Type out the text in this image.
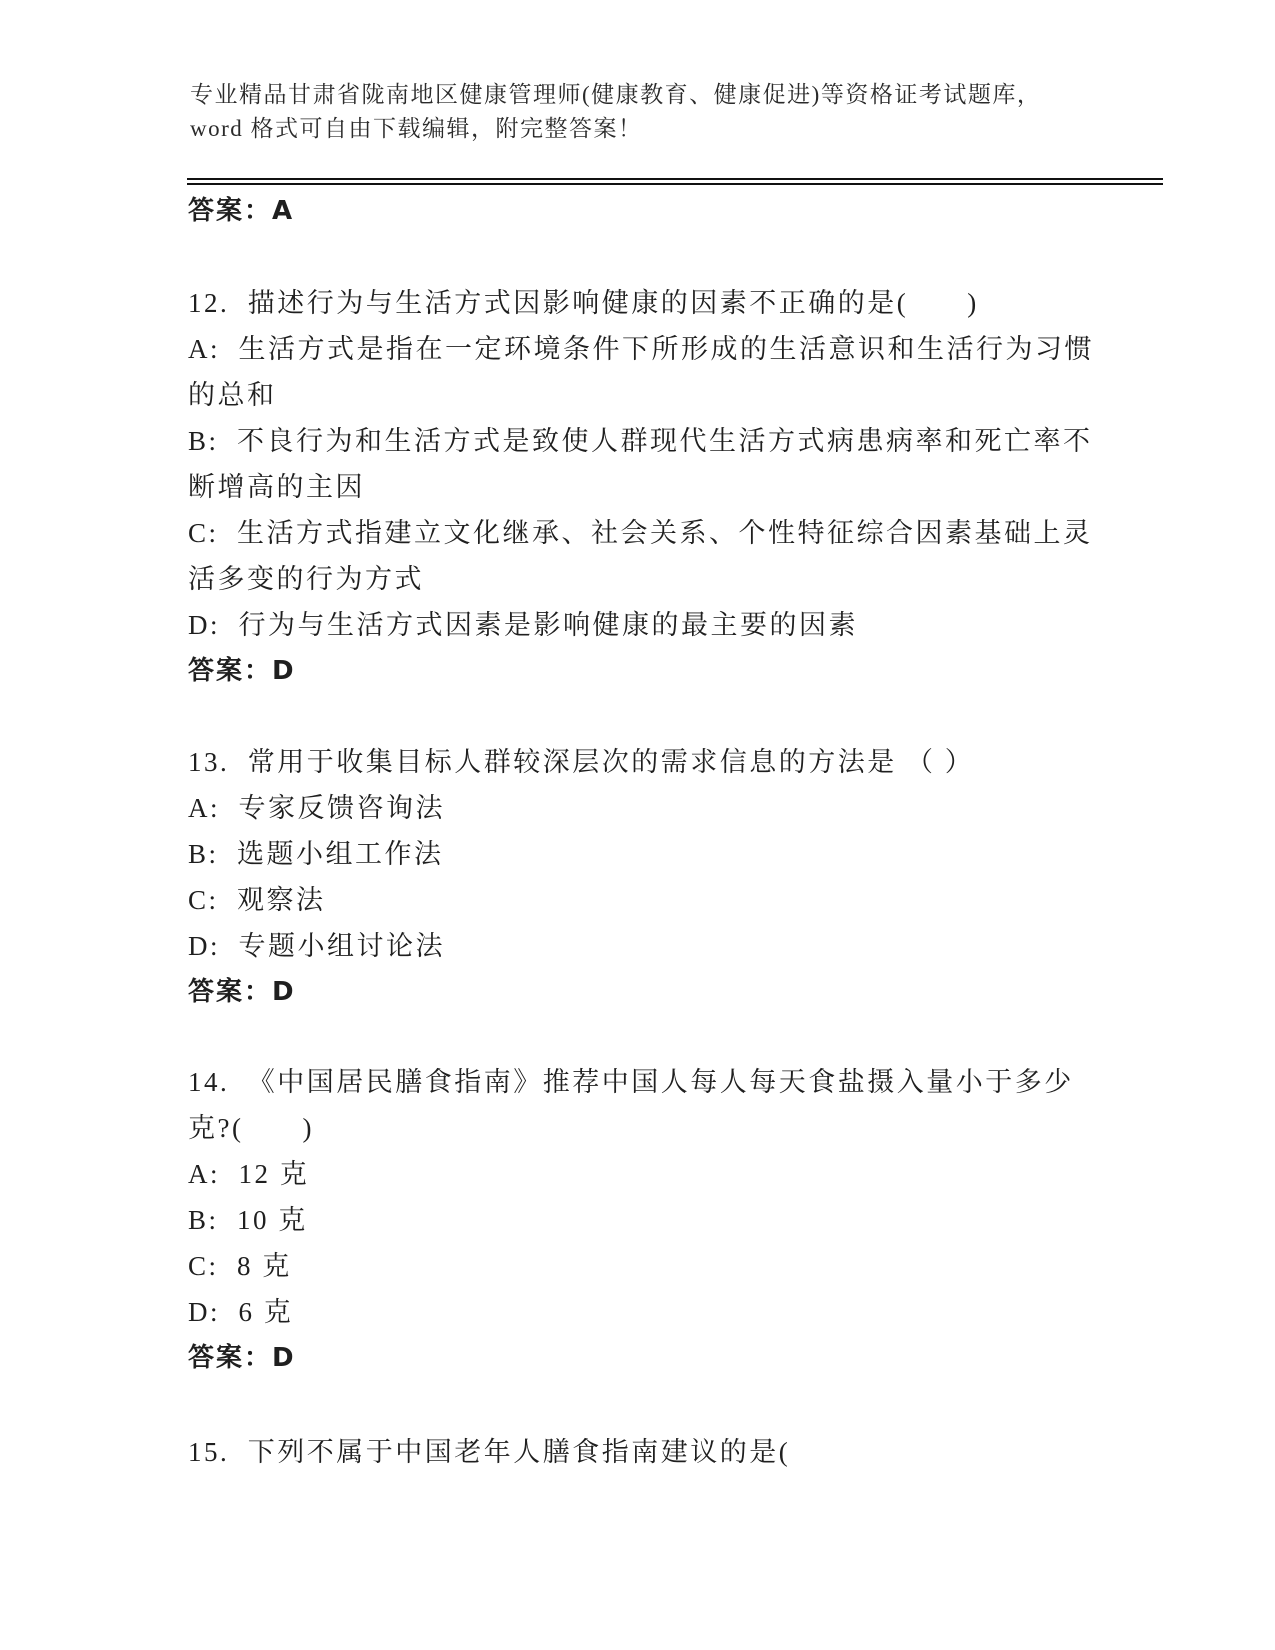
专业精品甘肃省陇南地区健康管理师(健康教育、健康促进)等资格证考试题库，
word 格式可自由下载编辑，附完整答案！
答案：A
12.  描述行为与生活方式因影响健康的因素不正确的是(　　)
A:  生活方式是指在一定环境条件下所形成的生活意识和生活行为习惯
的总和
B:  不良行为和生活方式是致使人群现代生活方式病患病率和死亡率不
断增高的主因
C:  生活方式指建立文化继承、社会关系、个性特征综合因素基础上灵
活多变的行为方式
D:  行为与生活方式因素是影响健康的最主要的因素
答案：D
13.  常用于收集目标人群较深层次的需求信息的方法是 （ ）
A:  专家反馈咨询法
B:  选题小组工作法
C:  观察法
D:  专题小组讨论法
答案：D
14.  《中国居民膳食指南》推荐中国人每人每天食盐摄入量小于多少
克?(　　)
A:  12 克
B:  10 克
C:  8 克
D:  6 克
答案：D
15.  下列不属于中国老年人膳食指南建议的是(
